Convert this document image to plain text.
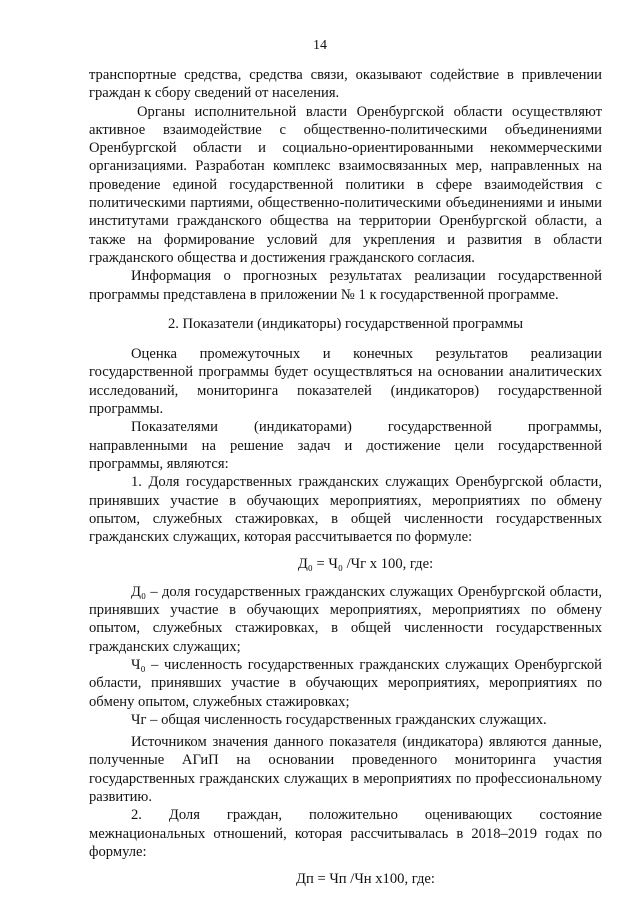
14

транспортные средства, средства связи, оказывают содействие в привлечении граждан к сбору сведений от населения.

Органы исполнительной власти Оренбургской области осуществляют активное взаимодействие с общественно-политическими объединениями Оренбургской области и социально-ориентированными некоммерческими организациями. Разработан комплекс взаимосвязанных мер, направленных на проведение единой государственной политики в сфере взаимодействия с политическими партиями, общественно-политическими объединениями и иными институтами гражданского общества на территории Оренбургской области, а также на формирование условий для укрепления и развития в области гражданского общества и достижения гражданского согласия.

Информация о прогнозных результатах реализации государственной программы представлена в приложении № 1 к государственной программе.

2. Показатели (индикаторы) государственной программы

Оценка промежуточных и конечных результатов реализации государственной программы будет осуществляться на основании аналитических исследований, мониторинга показателей (индикаторов) государственной программы.

Показателями (индикаторами) государственной программы, направленными на решение задач и достижение цели государственной программы, являются:

1. Доля государственных гражданских служащих Оренбургской области, принявших участие в обучающих мероприятиях, мероприятиях по обмену опытом, служебных стажировках, в общей численности государственных гражданских служащих, которая рассчитывается по формуле:

Д₀ = Ч₀ /Чг х 100, где:

Д₀ – доля государственных гражданских служащих Оренбургской области, принявших участие в обучающих мероприятиях, мероприятиях по обмену опытом, служебных стажировках, в общей численности государственных гражданских служащих;

Ч₀ – численность государственных гражданских служащих Оренбургской области, принявших участие в обучающих мероприятиях, мероприятиях по обмену опытом, служебных стажировках;

Чг – общая численность государственных гражданских служащих.

Источником значения данного показателя (индикатора) являются данные, полученные АГиП на основании проведенного мониторинга участия государственных гражданских служащих в мероприятиях по профессиональному развитию.

2. Доля граждан, положительно оценивающих состояние межнациональных отношений, которая рассчитывалась в 2018–2019 годах по формуле:

Дп = Чп /Чн х100, где:
